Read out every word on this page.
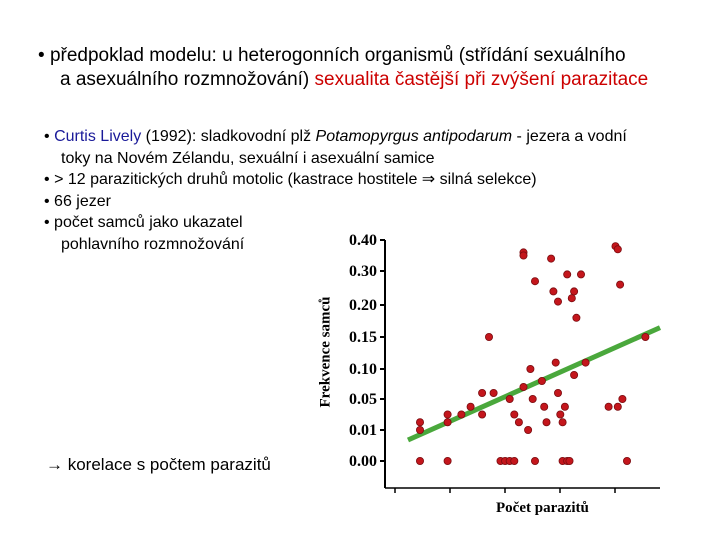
• předpoklad modelu: u heterogonních organismů (střídání sexuálního
a asexuálního rozmnožování) sexualita častější při zvýšení parazitace
• Curtis Lively (1992): sladkovodní plž Potamopyrgus antipodarum - jezera a vodní
toky na Novém Zélandu, sexuální i asexuální samice
• > 12 parazitických druhů motolic (kastrace hostitele ⇒ silná selekce)
• 66 jezer
• počet samců jako ukazatel
pohlavního rozmnožování
→ korelace s počtem parazitů
Frekvence samců
Počet parazitů
0.40
0.30
0.20
0.15
0.10
0.05
0.01
0.00
